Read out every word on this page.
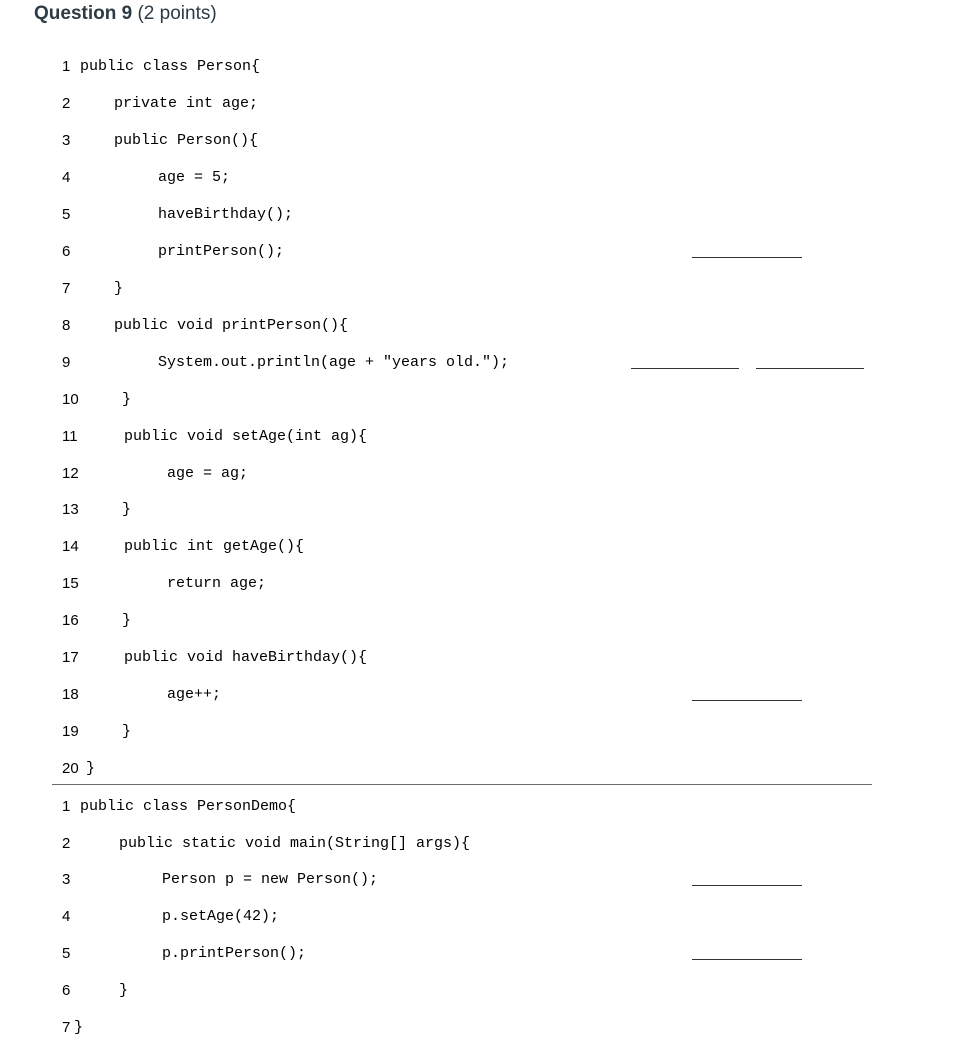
Question 9 (2 points)
1 public class Person{
2	private int age;
3	public Person(){
4	age = 5;
5	haveBirthday();
6	printPerson();
7	}
8	public void printPerson(){
9	System.out.println(age + "years old.");
10	}
11	public void setAge(int ag){
12	age = ag;
13	}
14	public int getAge(){
15	return age;
16	}
17	public void haveBirthday(){
18	age++;
19	}
20 }
1 public class PersonDemo{
2	public static void main(String[] args){
3	Person p = new Person();
4	p.setAge(42);
5	p.printPerson();
6	}
7 }
